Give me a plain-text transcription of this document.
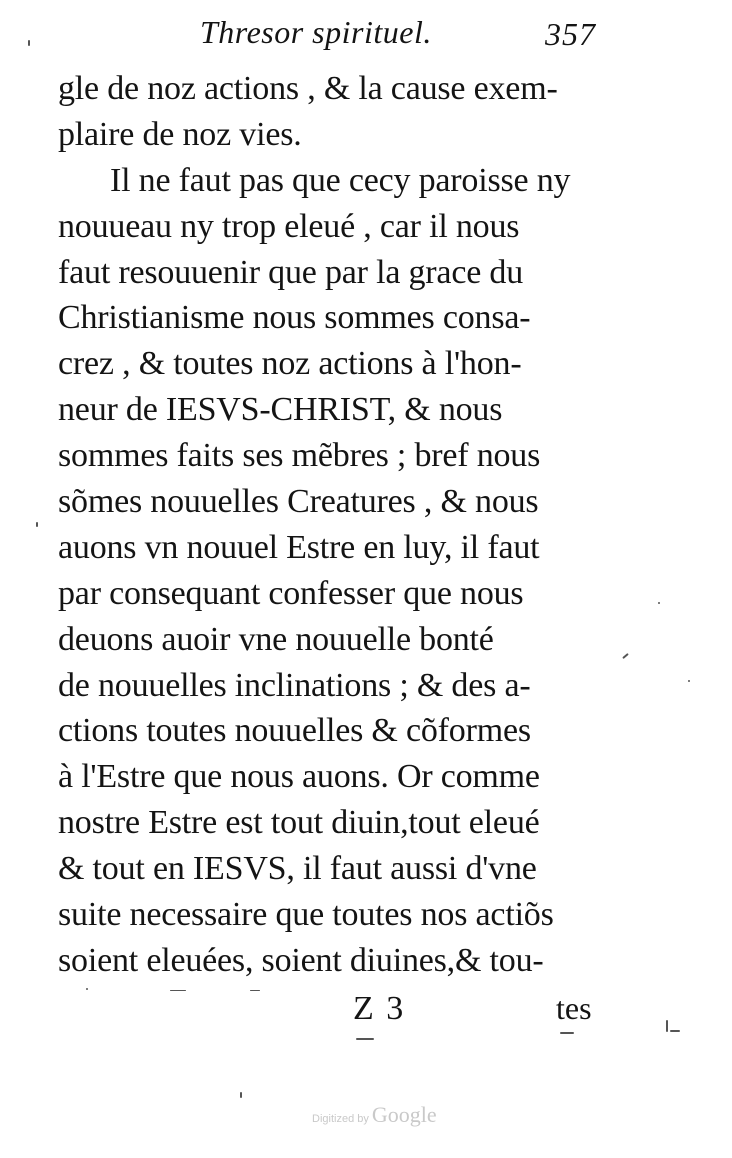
Thresor spirituel.	357
gle de noz actions , & la cause exem-
plaire de noz vies.
Il ne faut pas que cecy paroisse ny
nouueau ny trop eleué , car il nous
faut resouuenir que par la grace du
Christianisme nous sommes consa-
crez , & toutes noz actions à l'hon-
neur de IESVS-CHRIST, & nous
sommes faits ses mẽbres ; bref nous
sõmes nouuelles Creatures , & nous
auons vn nouuel Estre en luy, il faut
par consequant confesser que nous
deuons auoir vne nouuelle bonté
de nouuelles inclinations ; & des a-
ctions toutes nouuelles & cõformes
à l'Estre que nous auons. Or comme
nostre Estre est tout diuin,tout eleué
& tout en IESVS, il faut aussi d'vne
suite necessaire que toutes nos actiõs
soient eleuées, soient diuines,& tou-
Z 3	tes
Digitized by Google
